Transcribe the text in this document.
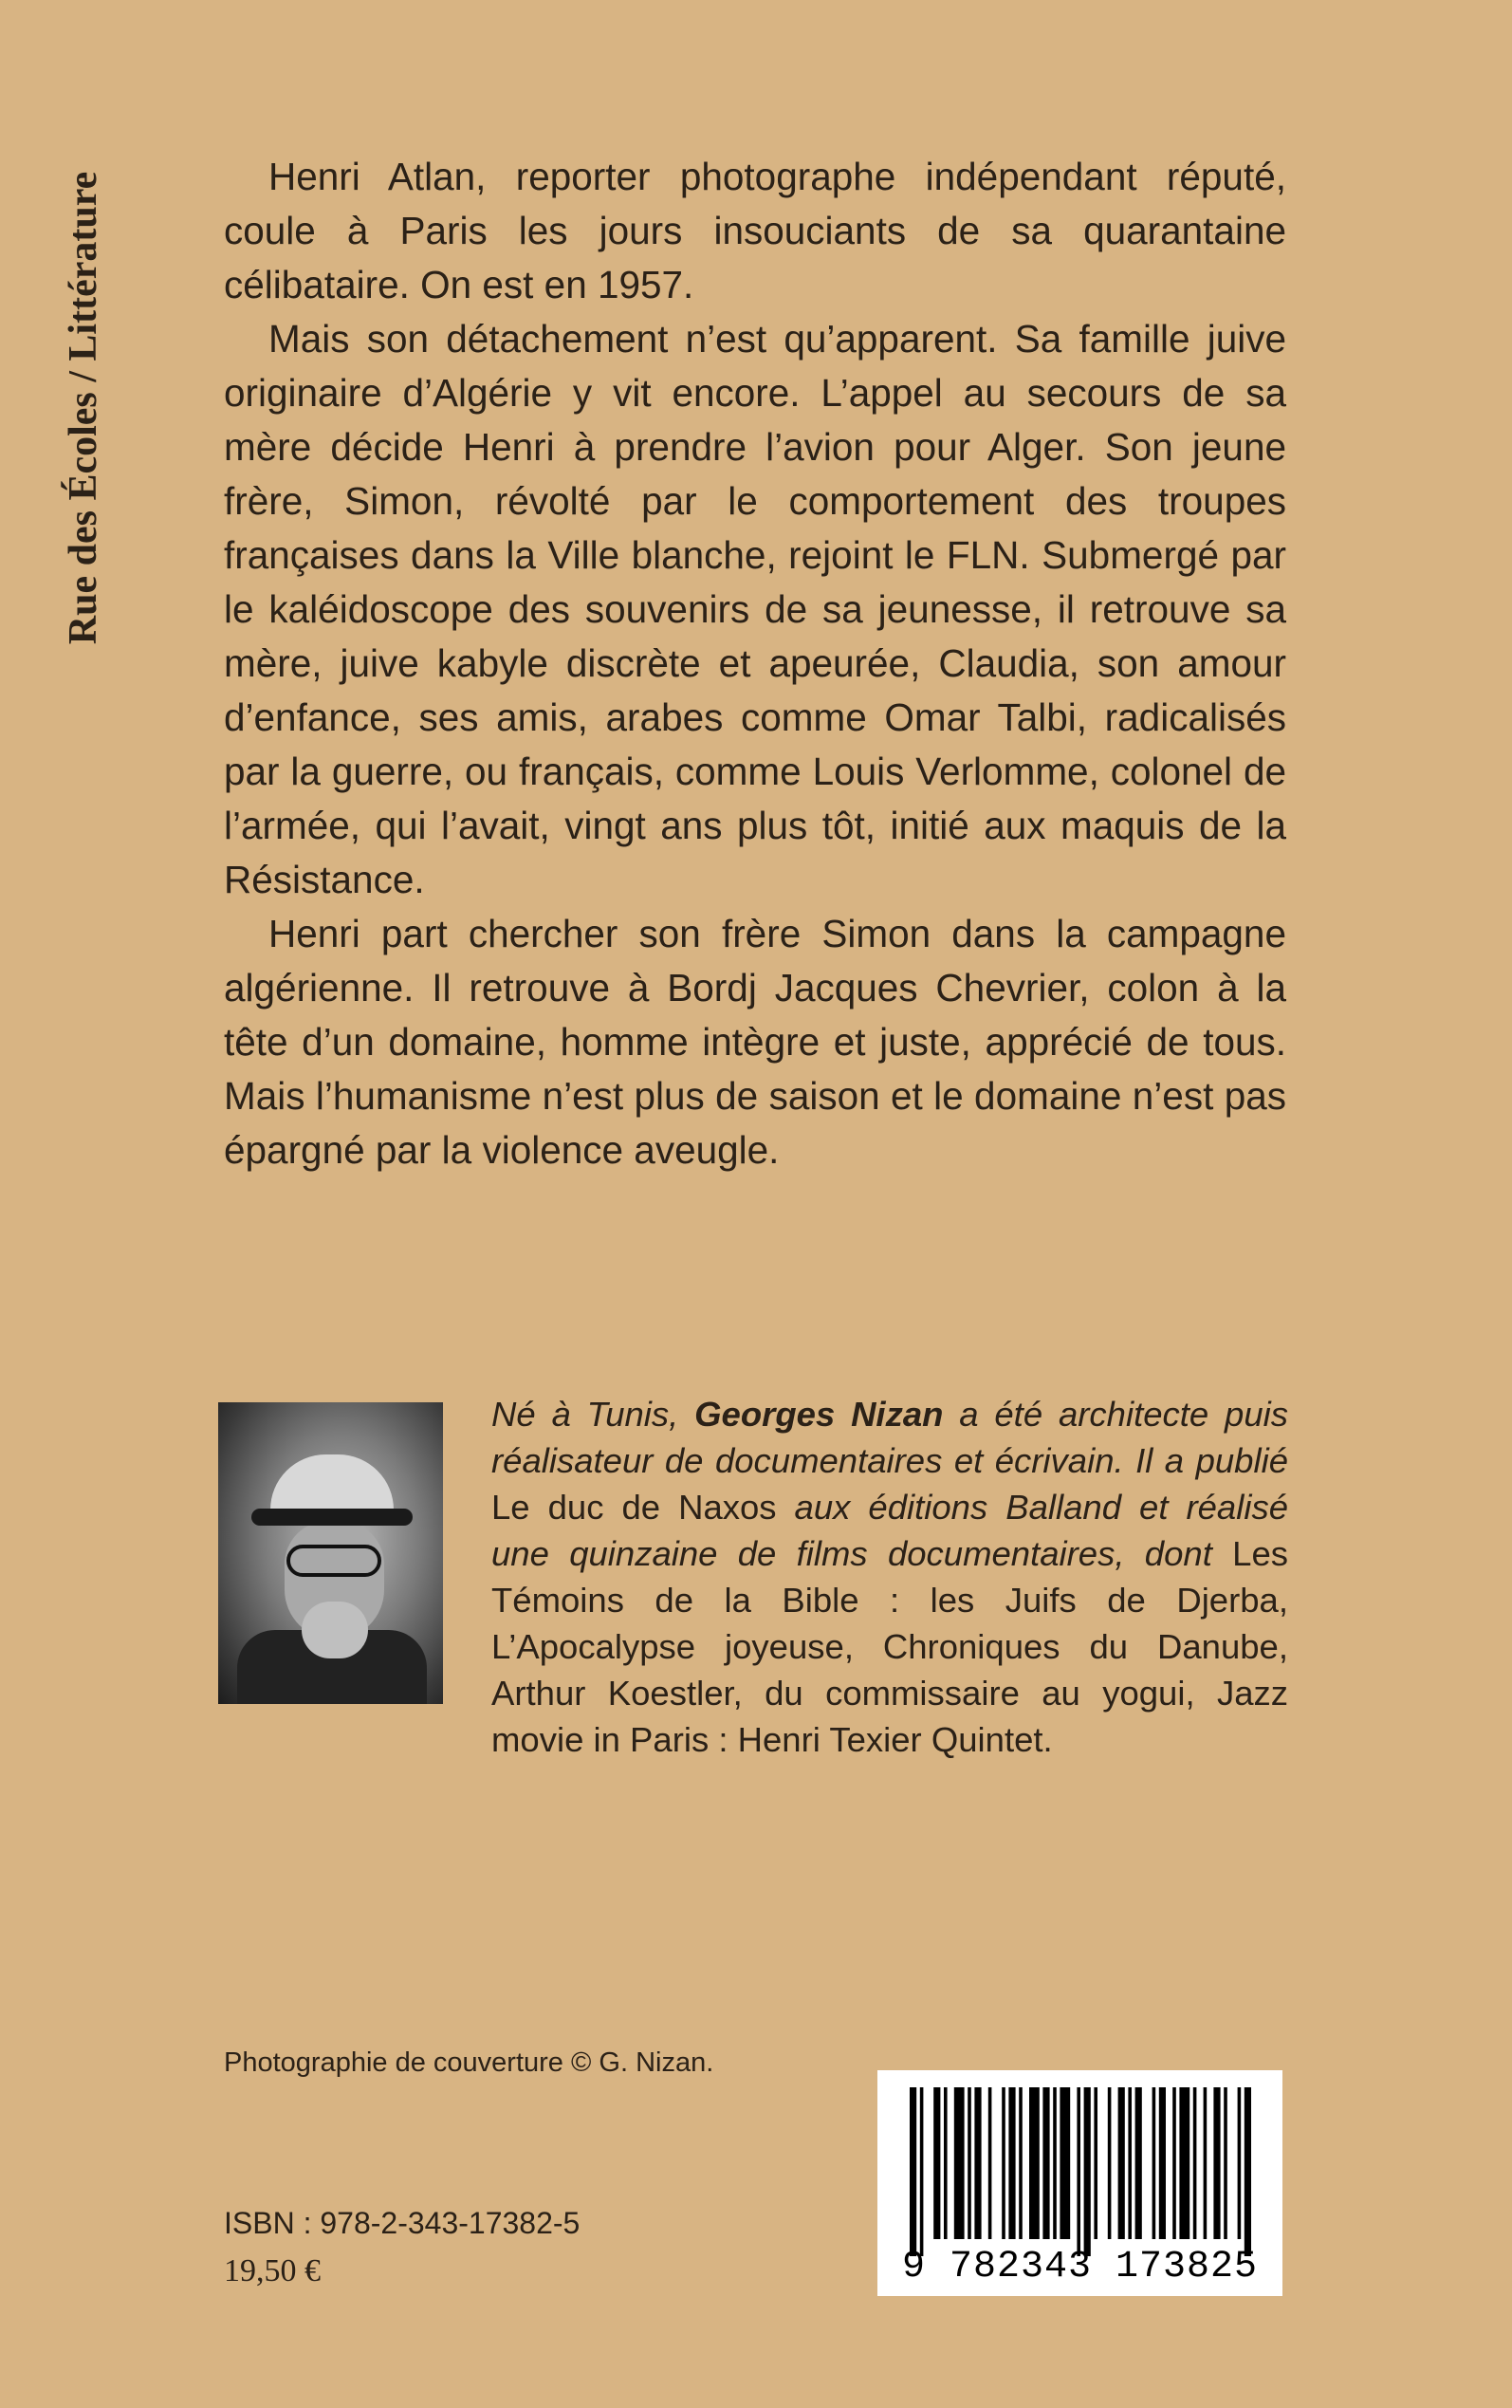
Rue des Écoles / Littérature	Henri Atlan, reporter photographe indépendant réputé, coule à Paris les jours insouciants de sa quarantaine célibataire. On est en 1957.

Mais son détachement n’est qu’apparent. Sa famille juive originaire d’Algérie y vit encore. L’appel au secours de sa mère décide Henri à prendre l’avion pour Alger. Son jeune frère, Simon, révolté par le comportement des troupes françaises dans la Ville blanche, rejoint le FLN. Submergé par le kaléidoscope des souvenirs de sa jeunesse, il retrouve sa mère, juive kabyle discrète et apeurée, Claudia, son amour d’enfance, ses amis, arabes comme Omar Talbi, radicalisés par la guerre, ou français, comme Louis Verlomme, colonel de l’armée, qui l’avait, vingt ans plus tôt, initié aux maquis de la Résistance.

Henri part chercher son frère Simon dans la campagne algérienne. Il retrouve à Bordj Jacques Chevrier, colon à la tête d’un domaine, homme intègre et juste, apprécié de tous. Mais l’humanisme n’est plus de saison et le domaine n’est pas épargné par la violence aveugle.

Né à Tunis, Georges Nizan a été architecte puis réalisateur de documentaires et écrivain. Il a publié Le duc de Naxos aux éditions Balland et réalisé une quinzaine de films documentaires, dont Les Témoins de la Bible : les Juifs de Djerba, L’Apocalypse joyeuse, Chroniques du Danube, Arthur Koestler, du commissaire au yogui, Jazz movie in Paris : Henri Texier Quintet.
Photographie de couverture © G. Nizan.
9 782343 173825
ISBN : 978-2-343-17382-5
19,50 €
